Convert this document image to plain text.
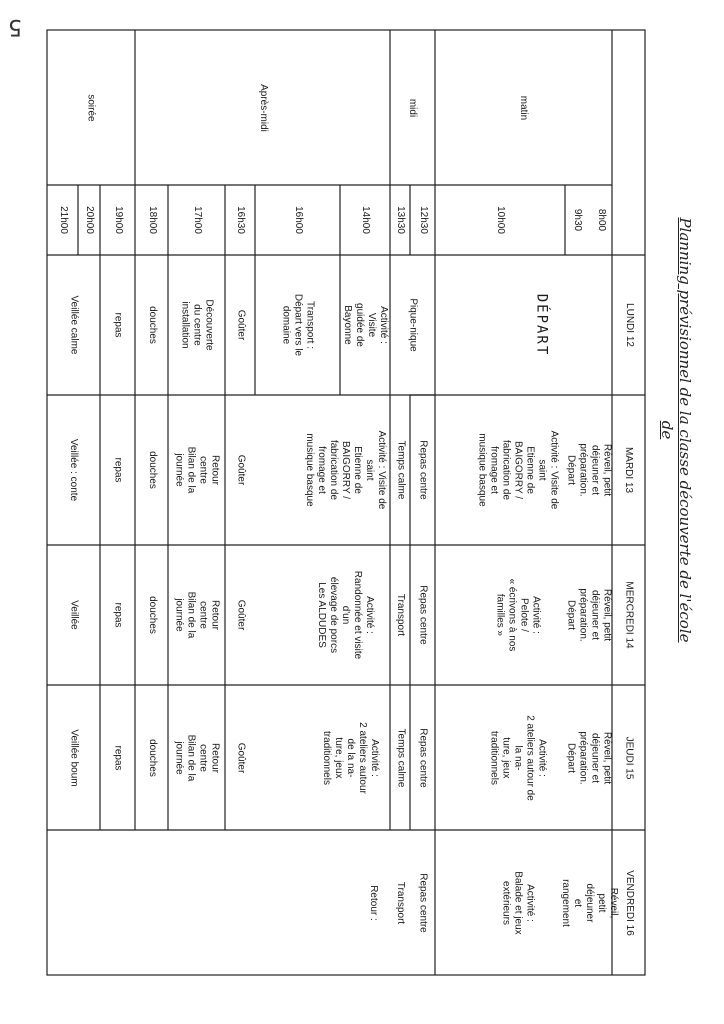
5
Planning prévisionnel de la classe découverte de l'école de
LUNDI 12
MARDI 13
MERCREDI 14
JEUDI 15
VENDREDI 16
matin
midi
Après-midi
soirée
8h00
9h30
10h00
12h30
13h30
14h00
16h00
16h30
17h00
18h00
19h00
20h00
21h00
DÉPART
Pique-nique
Activité :
Visite guidée de Bayonne
Transport :
Départ vers le domaine
Goûter
Découverte du centre
installation
douches
repas
Veillée calme
Réveil, petit déjeuner et
préparation. Départ
Activité : Visite de saint
Etienne de BAIGORRY /
fabrication de fromage et
musique basque
Repas centre
Temps calme
Activité : Visite de saint
Etienne de BAIGORRY /
fabrication de fromage et
musique basque
Goûter
Retour centre
Bilan de la journée
douches
repas
Veillée : conte
Réveil, petit déjeuner et
préparation. Départ
Activité :
Pelote /
« écrivons à nos familles »
Repas centre
Transport
Activité :
Randonnée et visite d'un
élevage de porcs
Les ALDUDES
Goûter
Retour centre
Bilan de la journée
douches
repas
Veillée
Réveil, petit déjeuner et
préparation. Départ
Activité :
2 ateliers autour de la na-
ture, jeux traditionnels
Repas centre
Temps calme
Activité :
2 ateliers autour de la na-
ture, jeux traditionnels
Goûter
Retour centre
Bilan de la journée
douches
repas
Veillée boum
Réveil, petit déjeuner et
rangement
Activité :
Balade et jeux
extérieurs
Repas centre
Transport
Retour :
